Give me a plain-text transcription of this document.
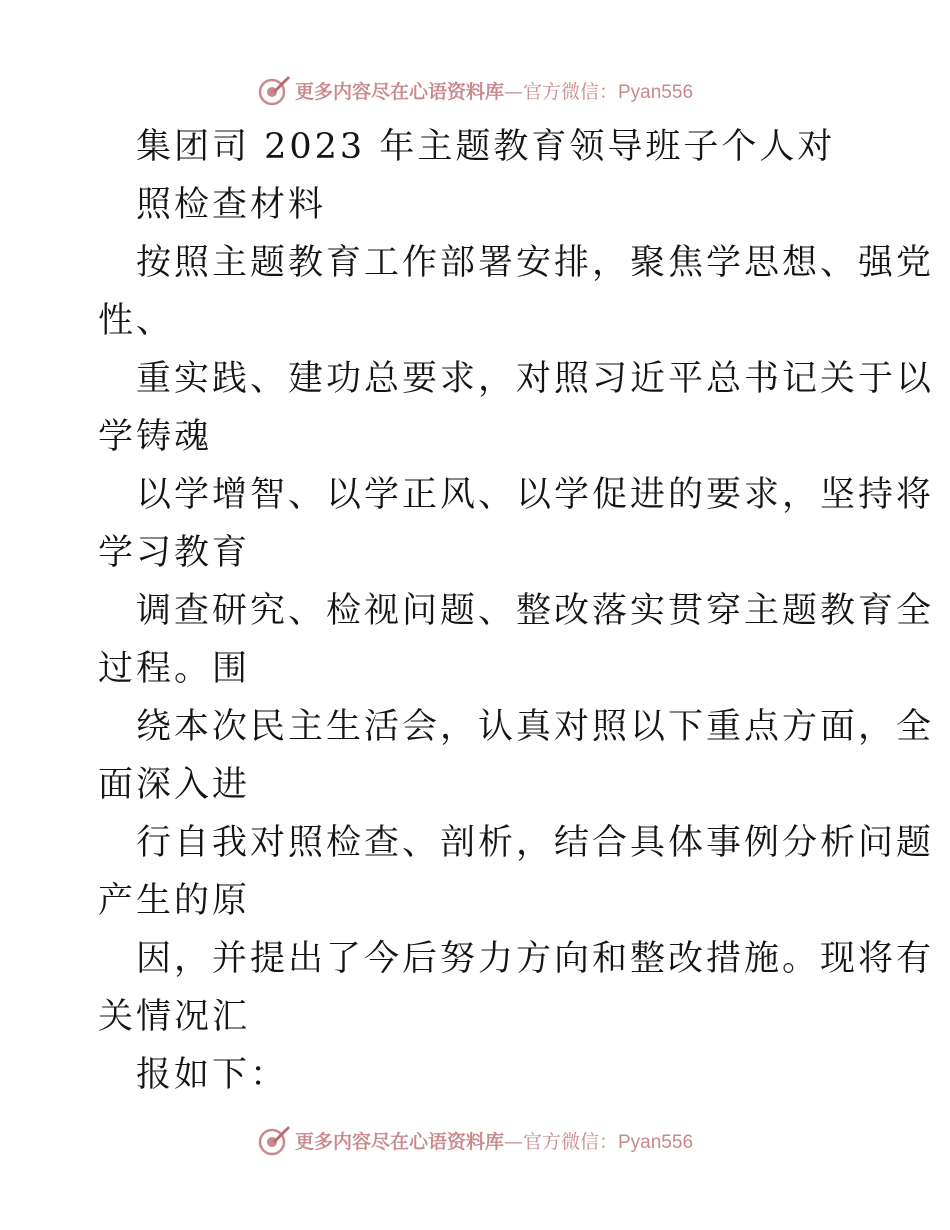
更多内容尽在心语资料库—官方微信：Pyan556
集团司 2023 年主题教育领导班子个人对
照检查材料
按照主题教育工作部署安排，聚焦学思想、强党
性、
重实践、建功总要求，对照习近平总书记关于以
学铸魂
以学增智、以学正风、以学促进的要求，坚持将
学习教育
调查研究、检视问题、整改落实贯穿主题教育全
过程。围
绕本次民主生活会，认真对照以下重点方面，全
面深入进
行自我对照检查、剖析，结合具体事例分析问题
产生的原
因，并提出了今后努力方向和整改措施。现将有
关情况汇
报如下：
更多内容尽在心语资料库—官方微信：Pyan556
